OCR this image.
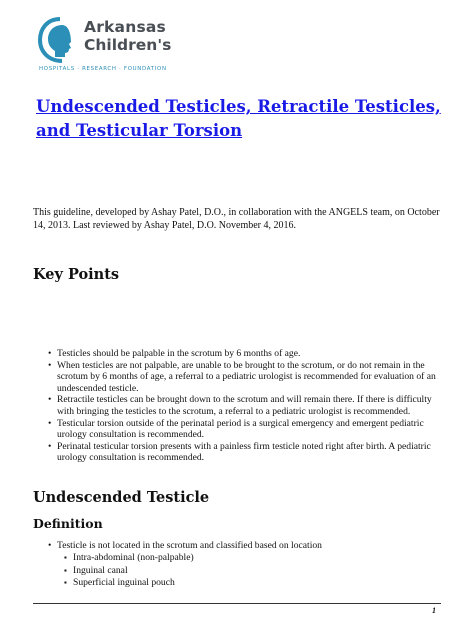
Arkansas
Children's
HOSPITALS · RESEARCH · FOUNDATION
Undescended Testicles, Retractile Testicles, and Testicular Torsion

This guideline, developed by Ashay Patel, D.O., in collaboration with the ANGELS team, on October 14, 2013. Last reviewed by Ashay Patel, D.O. November 4, 2016.

Key Points
• Testicles should be palpable in the scrotum by 6 months of age.
• When testicles are not palpable, are unable to be brought to the scrotum, or do not remain in the scrotum by 6 months of age, a referral to a pediatric urologist is recommended for evaluation of an undescended testicle.
• Retractile testicles can be brought down to the scrotum and will remain there. If there is difficulty with bringing the testicles to the scrotum, a referral to a pediatric urologist is recommended.
• Testicular torsion outside of the perinatal period is a surgical emergency and emergent pediatric urology consultation is recommended.
• Perinatal testicular torsion presents with a painless firm testicle noted right after birth. A pediatric urology consultation is recommended.
Undescended Testicle
Definition
• Testicle is not located in the scrotum and classified based on location
▪ Intra-abdominal (non-palpable)
▪ Inguinal canal
▪ Superficial inguinal pouch
1
